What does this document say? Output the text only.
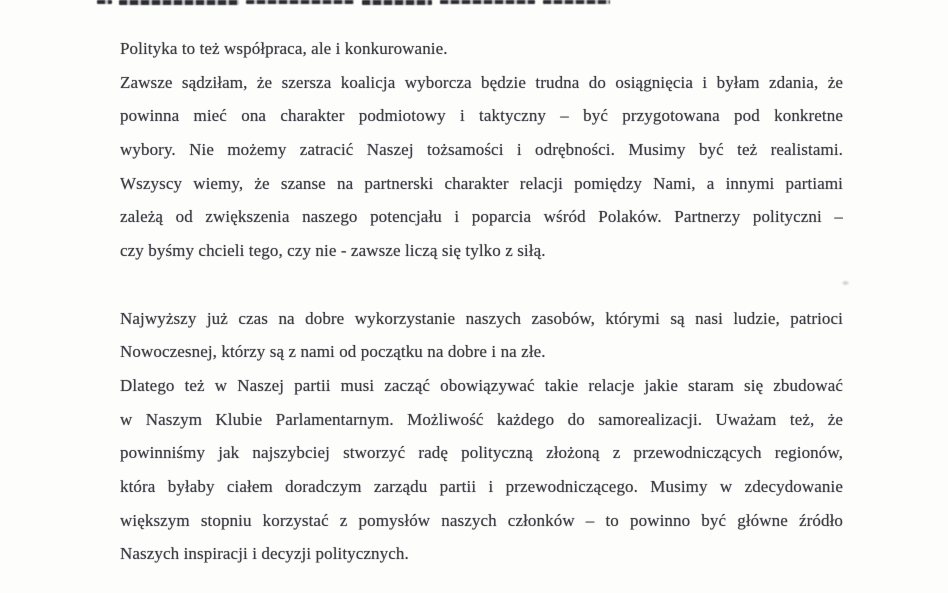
Polityka to też współpraca, ale i konkurowanie.
Zawsze sądziłam, że szersza koalicja wyborcza będzie trudna do osiągnięcia i byłam zdania, że
powinna mieć ona charakter podmiotowy i taktyczny – być przygotowana pod konkretne
wybory. Nie możemy zatracić Naszej tożsamości i odrębności. Musimy być też realistami.
Wszyscy wiemy, że szanse na partnerski charakter relacji pomiędzy Nami, a innymi partiami
zależą od zwiększenia naszego potencjału i poparcia wśród Polaków. Partnerzy polityczni –
czy byśmy chcieli tego, czy nie - zawsze liczą się tylko z siłą.
Najwyższy już czas na dobre wykorzystanie naszych zasobów, którymi są nasi ludzie, patrioci
Nowoczesnej, którzy są z nami od początku na dobre i na złe.
Dlatego też w Naszej partii musi zacząć obowiązywać takie relacje jakie staram się zbudować
w Naszym Klubie Parlamentarnym. Możliwość każdego do samorealizacji. Uważam też, że
powinniśmy jak najszybciej stworzyć radę polityczną złożoną z przewodniczących regionów,
która byłaby ciałem doradczym zarządu partii i przewodniczącego. Musimy w zdecydowanie
większym stopniu korzystać z pomysłów naszych członków – to powinno być główne źródło
Naszych inspiracji i decyzji politycznych.
